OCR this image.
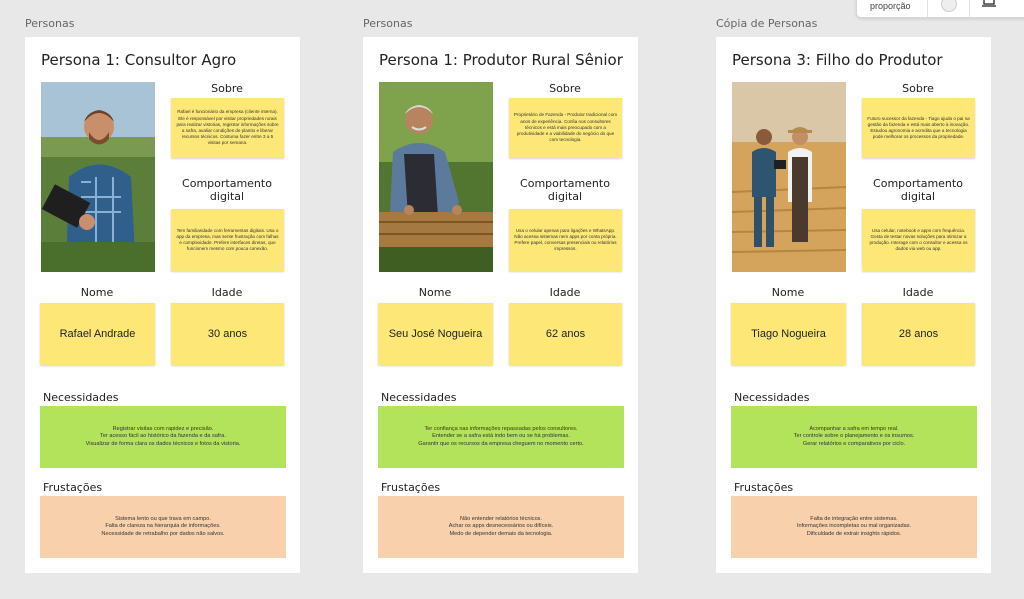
proporção
Personas
Persona 1: Consultor Agro
Sobre
Rafael é funcionário da empresa (cliente interna). Ele é responsável por visitar propriedades rurais para realizar vistorias, registrar informações sobre a safra, avaliar condições de plantio e liberar recursos técnicos. Costuma fazer entre 3 a 5 visitas por semana.
Comportamento digital
Tem familiaridade com ferramentas digitais. Usa o app da empresa, mas sente frustração com falhas e complexidade. Prefere interfaces diretas, que funcionem mesmo com pouca conexão.
Nome
Rafael Andrade
Idade
30 anos
Necessidades
Registrar visitas com rapidez e precisão.
Ter acesso fácil ao histórico da fazenda e da safra.
Visualizar de forma clara os dados técnicos e fotos da vistoria.
Frustações
Sistema lento ou que trava em campo.
Falta de clareza na hierarquia de informações.
Necessidade de retrabalho por dados não salvos.
Personas
Persona 1: Produtor Rural Sênior
Sobre
Proprietário de Fazenda - Produtor tradicional com anos de experiência. Confia nos consultores técnicos e está mais preocupado com a produtividade e a viabilidade do negócio do que com tecnologia.
Comportamento digital
Usa o celular apenas para ligações e WhatsApp. Não acessa sistemas nem apps por conta própria. Prefere papel, conversas presenciais ou relatórios impressos.
Nome
Seu José Nogueira
Idade
62 anos
Necessidades
Ter confiança nas informações repassadas pelos consultores.
Entender se a safra está indo bem ou se há problemas.
Garantir que os recursos da empresa cheguem no momento certo.
Frustações
Não entender relatórios técnicos.
Achar os apps desnecessários ou difíceis.
Medo de depender demais da tecnologia.
Cópia de Personas
Persona 3: Filho do Produtor
Sobre
Futuro sucessor da fazenda - Tiago ajuda o pai na gestão da fazenda e está mais aberto à inovação. Estudou agronomia e acredita que a tecnologia pode melhorar os processos da propriedade.
Comportamento digital
Usa celular, notebook e apps com frequência. Gosta de testar novas soluções para otimizar a produção. Interage com o consultor e acessa os dados via web ou app.
Nome
Tiago Nogueira
Idade
28 anos
Necessidades
Acompanhar a safra em tempo real.
Ter controle sobre o planejamento e os insumos.
Gerar relatórios e comparativos por ciclo.
Frustações
Falta de integração entre sistemas.
Informações incompletas ou mal organizadas.
Dificuldade de extrair insights rápidos.
